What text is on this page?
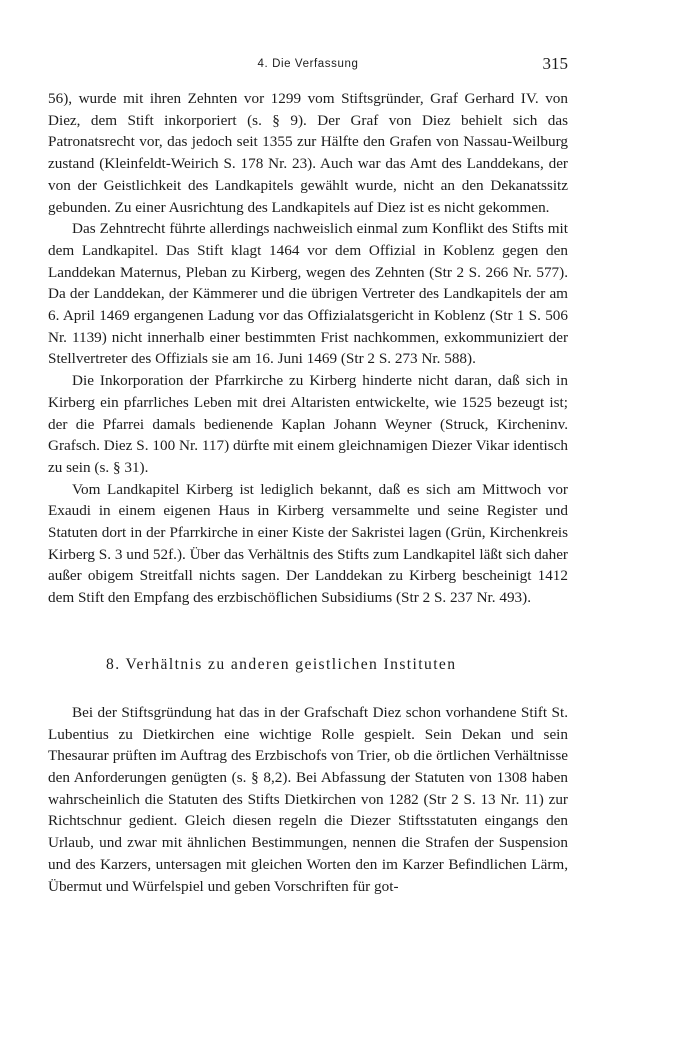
4. Die Verfassung	315

56), wurde mit ihren Zehnten vor 1299 vom Stiftsgründer, Graf Gerhard IV. von Diez, dem Stift inkorporiert (s. § 9). Der Graf von Diez behielt sich das Patronatsrecht vor, das jedoch seit 1355 zur Hälfte den Grafen von Nassau-Weilburg zustand (Kleinfeldt-Weirich S. 178 Nr. 23). Auch war das Amt des Landdekans, der von der Geistlichkeit des Landkapitels gewählt wurde, nicht an den Dekanatssitz gebunden. Zu einer Ausrichtung des Landkapitels auf Diez ist es nicht gekommen.

Das Zehntrecht führte allerdings nachweislich einmal zum Konflikt des Stifts mit dem Landkapitel. Das Stift klagt 1464 vor dem Offizial in Koblenz gegen den Landdekan Maternus, Pleban zu Kirberg, wegen des Zehnten (Str 2 S. 266 Nr. 577). Da der Landdekan, der Kämmerer und die übrigen Vertreter des Landkapitels der am 6. April 1469 ergangenen Ladung vor das Offizialatsgericht in Koblenz (Str 1 S. 506 Nr. 1139) nicht innerhalb einer bestimmten Frist nachkommen, exkommuniziert der Stellvertreter des Offizials sie am 16. Juni 1469 (Str 2 S. 273 Nr. 588).

Die Inkorporation der Pfarrkirche zu Kirberg hinderte nicht daran, daß sich in Kirberg ein pfarrliches Leben mit drei Altaristen entwickelte, wie 1525 bezeugt ist; der die Pfarrei damals bedienende Kaplan Johann Weyner (Struck, Kircheninv. Grafsch. Diez S. 100 Nr. 117) dürfte mit einem gleichnamigen Diezer Vikar identisch zu sein (s. § 31).

Vom Landkapitel Kirberg ist lediglich bekannt, daß es sich am Mittwoch vor Exaudi in einem eigenen Haus in Kirberg versammelte und seine Register und Statuten dort in der Pfarrkirche in einer Kiste der Sakristei lagen (Grün, Kirchenkreis Kirberg S. 3 und 52f.). Über das Verhältnis des Stifts zum Landkapitel läßt sich daher außer obigem Streitfall nichts sagen. Der Landdekan zu Kirberg bescheinigt 1412 dem Stift den Empfang des erzbischöflichen Subsidiums (Str 2 S. 237 Nr. 493).

8. Verhältnis zu anderen geistlichen Instituten

Bei der Stiftsgründung hat das in der Grafschaft Diez schon vorhandene Stift St. Lubentius zu Dietkirchen eine wichtige Rolle gespielt. Sein Dekan und sein Thesaurar prüften im Auftrag des Erzbischofs von Trier, ob die örtlichen Verhältnisse den Anforderungen genügten (s. § 8,2). Bei Abfassung der Statuten von 1308 haben wahrscheinlich die Statuten des Stifts Dietkirchen von 1282 (Str 2 S. 13 Nr. 11) zur Richtschnur gedient. Gleich diesen regeln die Diezer Stiftsstatuten eingangs den Urlaub, und zwar mit ähnlichen Bestimmungen, nennen die Strafen der Suspension und des Karzers, untersagen mit gleichen Worten den im Karzer Befindlichen Lärm, Übermut und Würfelspiel und geben Vorschriften für got-
